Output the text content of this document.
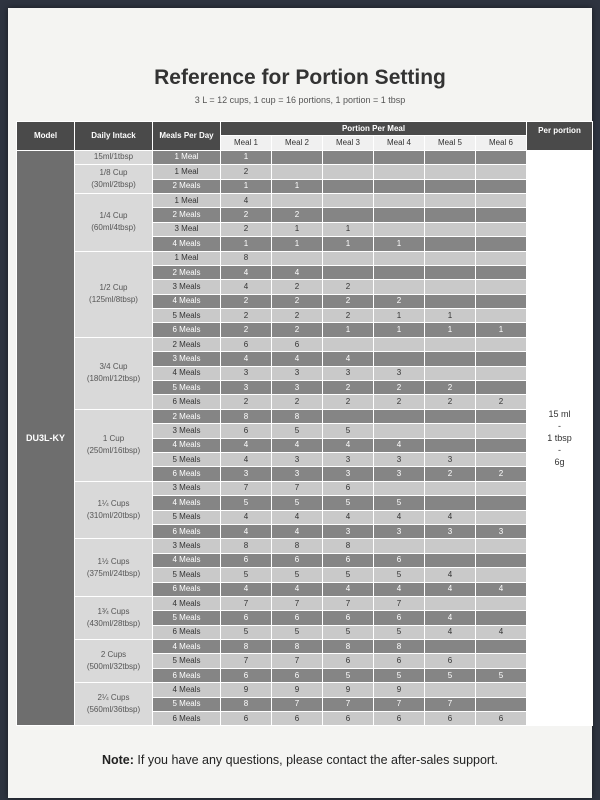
Reference for Portion Setting
3 L = 12 cups, 1 cup = 16 portions, 1 portion = 1 tbsp
Model	Daily Intack	Meals Per Day	Portion Per Meal						Per portion
			Meal 1	Meal 2	Meal 3	Meal 4	Meal 5	Meal 6	
DU3L-KY	15ml/1tbsp	1 Meal	1						15 ml
-
1 tbsp
-
6g

	1/8 Cup
(30ml/2tbsp)	1 Meal	2						
		2 Meals	1	1					
	1/4 Cup
(60ml/4tbsp)	1 Meal	4						
		2 Meals	2	2					
		3 Meal	2	1	1				
		4 Meals	1	1	1	1			
	1/2 Cup
(125ml/8tbsp)	1 Meal	8						
		2 Meals	4	4					
		3 Meals	4	2	2				
		4 Meals	2	2	2	2			
		5 Meals	2	2	2	1	1		
		6 Meals	2	2	1	1	1	1	
	3/4 Cup
(180ml/12tbsp)	2 Meals	6	6					
		3 Meals	4	4	4				
		4 Meals	3	3	3	3			
		5 Meals	3	3	2	2	2		
		6 Meals	2	2	2	2	2	2	
	1 Cup
(250ml/16tbsp)	2 Meals	8	8					
		3 Meals	6	5	5				
		4 Meals	4	4	4	4			
		5 Meals	4	3	3	3	3		
		6 Meals	3	3	3	3	2	2	
	1¼ Cups
(310ml/20tbsp)	3 Meals	7	7	6				
		4 Meals	5	5	5	5			
		5 Meals	4	4	4	4	4		
		6 Meals	4	4	3	3	3	3	
	1½ Cups
(375ml/24tbsp)	3 Meals	8	8	8				
		4 Meals	6	6	6	6			
		5 Meals	5	5	5	5	4		
		6 Meals	4	4	4	4	4	4	
	1¾ Cups
(430ml/28tbsp)	4 Meals	7	7	7	7			
		5 Meals	6	6	6	6	4		
		6 Meals	5	5	5	5	4	4	
	2 Cups
(500ml/32tbsp)	4 Meals	8	8	8	8			
		5 Meals	7	7	6	6	6		
		6 Meals	6	6	5	5	5	5	
	2¼ Cups
(560ml/36tbsp)	4 Meals	9	9	9	9			
		5 Meals	8	7	7	7	7		
		6 Meals	6	6	6	6	6	6	
Note: If you have any questions, please contact the after-sales support.
